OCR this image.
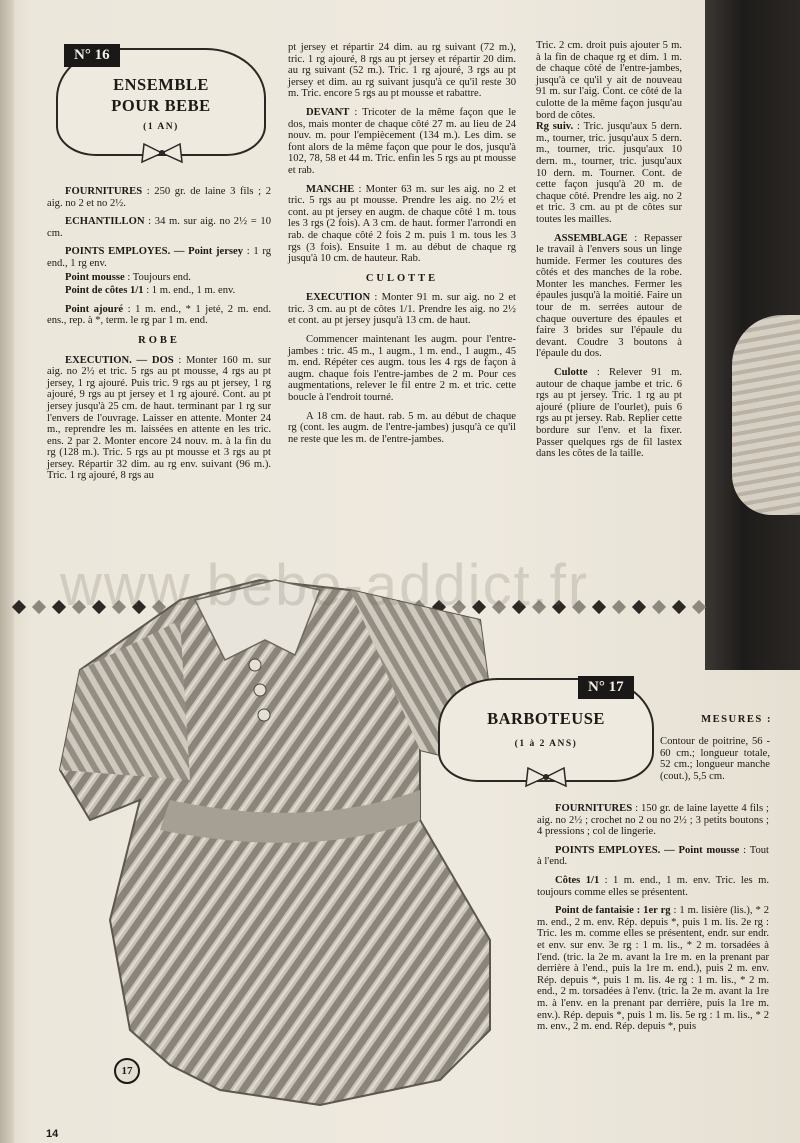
N° 16
ENSEMBLE
POUR BEBE
(1 AN)

FOURNITURES : 250 gr. de laine 3 fils ; 2 aig. no 2 et no 2½.

ECHANTILLON : 34 m. sur aig. no 2½ = 10 cm.

POINTS EMPLOYES. — Point jersey : 1 rg end., 1 rg env.

Point mousse : Toujours end.

Point de côtes 1/1 : 1 m. end., 1 m. env.

Point ajouré : 1 m. end., * 1 jeté, 2 m. end. ens., rep. à *, term. le rg par 1 m. end.

ROBE

EXECUTION. — DOS : Monter 160 m. sur aig. no 2½ et tric. 5 rgs au pt mousse, 4 rgs au pt jersey, 1 rg ajouré. Puis tric. 9 rgs au pt jersey, 1 rg ajouré, 9 rgs au pt jersey et 1 rg ajouré. Cont. au pt jersey jusqu'à 25 cm. de haut. terminant par 1 rg sur l'envers de l'ouvrage. Laisser en attente. Monter 24 m., reprendre les m. laissées en attente en les tric. ens. 2 par 2. Monter encore 24 nouv. m. à la fin du rg (128 m.). Tric. 5 rgs au pt mousse et 3 rgs au pt jersey. Répartir 32 dim. au rg env. suivant (96 m.). Tric. 1 rg ajouré, 8 rgs au

pt jersey et répartir 24 dim. au rg suivant (72 m.), tric. 1 rg ajouré, 8 rgs au pt jersey et répartir 20 dim. au rg suivant (52 m.). Tric. 1 rg ajouré, 3 rgs au pt jersey et dim. au rg suivant jusqu'à ce qu'il reste 30 m. Tric. encore 5 rgs au pt mousse et rabattre.

DEVANT : Tricoter de la même façon que le dos, mais monter de chaque côté 27 m. au lieu de 24 nouv. m. pour l'empiècement (134 m.). Les dim. se font alors de la même façon que pour le dos, jusqu'à 102, 78, 58 et 44 m. Tric. enfin les 5 rgs au pt mousse et rab.

MANCHE : Monter 63 m. sur les aig. no 2 et tric. 5 rgs au pt mousse. Prendre les aig. no 2½ et cont. au pt jersey en augm. de chaque côté 1 m. tous les 3 rgs (2 fois). A 3 cm. de haut. former l'arrondi en rab. de chaque côté 2 fois 2 m. puis 1 m. tous les 3 rgs (3 fois). Ensuite 1 m. au début de chaque rg jusqu'à 10 cm. de hauteur. Rab.

CULOTTE

EXECUTION : Monter 91 m. sur aig. no 2 et tric. 3 cm. au pt de côtes 1/1. Prendre les aig. no 2½ et cont. au pt jersey jusqu'à 13 cm. de haut.

Commencer maintenant les augm. pour l'entre-jambes : tric. 45 m., 1 augm., 1 m. end., 1 augm., 45 m. end. Répéter ces augm. tous les 4 rgs de façon à augm. chaque fois l'entre-jambes de 2 m. Pour ces augmentations, relever le fil entre 2 m. et tric. cette boucle à l'endroit tourné.

A 18 cm. de haut. rab. 5 m. au début de chaque rg (cont. les augm. de l'entre-jambes) jusqu'à ce qu'il ne reste que les m. de l'entre-jambes.

Tric. 2 cm. droit puis ajouter 5 m. à la fin de chaque rg et dim. 1 m. de chaque côté de l'entre-jambes, jusqu'à ce qu'il y ait de nouveau 91 m. sur l'aig. Cont. ce côté de la culotte de la même façon jusqu'au bord de côtes.

Rg suiv. : Tric. jusqu'aux 5 dern. m., tourner, tric. jusqu'aux 5 dern. m., tourner, tric. jusqu'aux 10 dern. m., tourner, tric. jusqu'aux 10 dern. m. Tourner. Cont. de cette façon jusqu'à 20 m. de chaque côté. Prendre les aig. no 2 et tric. 3 cm. au pt de côtes sur toutes les mailles.

ASSEMBLAGE : Repasser le travail à l'envers sous un linge humide. Fermer les coutures des côtés et des manches de la robe. Monter les manches. Fermer les épaules jusqu'à la moitié. Faire un tour de m. serrées autour de chaque ouverture des épaules et faire 3 brides sur l'épaule du devant. Coudre 3 boutons à l'épaule du dos.

Culotte : Relever 91 m. autour de chaque jambe et tric. 6 rgs au pt jersey. Tric. 1 rg au pt ajouré (pliure de l'ourlet), puis 6 rgs au pt jersey. Rab. Replier cette bordure sur l'env. et la fixer. Passer quelques rgs de fil lastex dans les côtes de la taille.

www.bebe-addict.fr
N° 17
BARBOTEUSE
(1 à 2 ANS)
MESURES :
Contour de poitrine, 56 - 60 cm.; longueur totale, 52 cm.; longueur manche (cout.), 5,5 cm.

FOURNITURES : 150 gr. de laine layette 4 fils ; aig. no 2½ ; crochet no 2 ou no 2½ ; 3 petits boutons ; 4 pressions ; col de lingerie.

POINTS EMPLOYES. — Point mousse : Tout à l'end.

Côtes 1/1 : 1 m. end., 1 m. env. Tric. les m. toujours comme elles se présentent.

Point de fantaisie : 1er rg : 1 m. lisière (lis.), * 2 m. end., 2 m. env. Rép. depuis *, puis 1 m. lis. 2e rg : Tric. les m. comme elles se présentent, endr. sur endr. et env. sur env. 3e rg : 1 m. lis., * 2 m. torsadées à l'end. (tric. la 2e m. avant la 1re m. en la prenant par derrière à l'end., puis la 1re m. end.), puis 2 m. env. Rép. depuis *, puis 1 m. lis. 4e rg : 1 m. lis., * 2 m. end., 2 m. torsadées à l'env. (tric. la 2e m. avant la 1re m. à l'env. en la prenant par derrière, puis la 1re m. env.). Rép. depuis *, puis 1 m. lis. 5e rg : 1 m. lis., * 2 m. env., 2 m. end. Rép. depuis *, puis

17
14
